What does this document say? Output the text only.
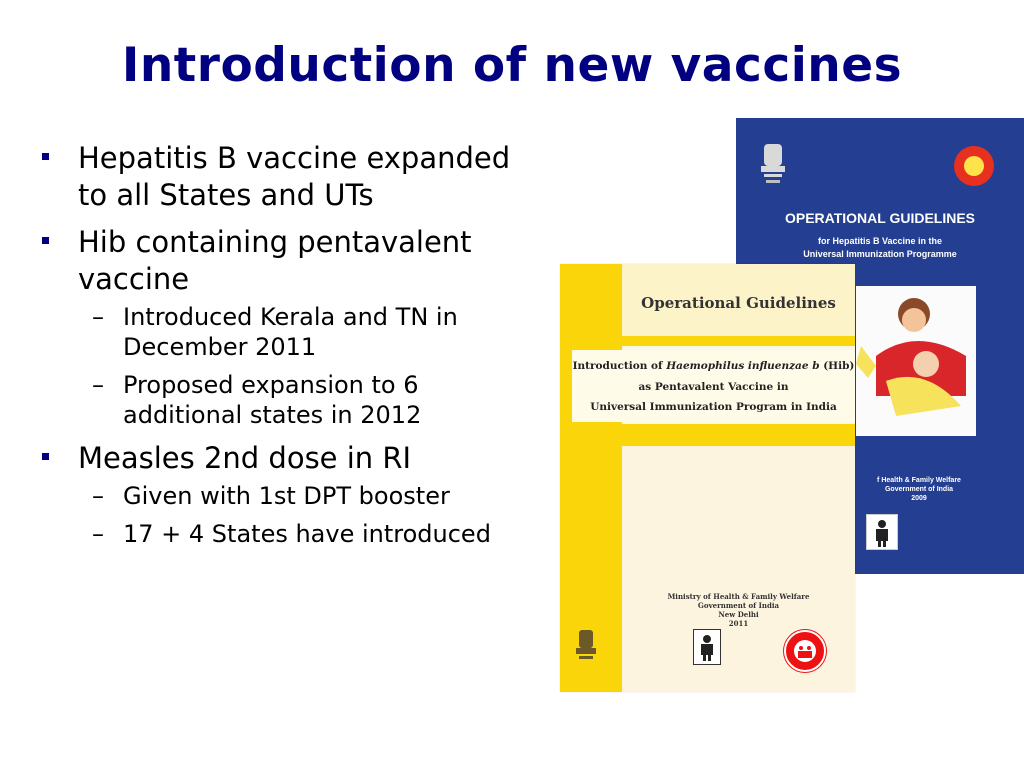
Introduction of new vaccines
Hepatitis B vaccine expanded to all States and UTs
Hib containing pentavalent vaccine
– Introduced Kerala and TN in December 2011
– Proposed expansion to 6 additional states in 2012
Measles 2nd dose in RI
– Given with 1st DPT booster
– 17 + 4 States have introduced
OPERATIONAL GUIDELINES
for Hepatitis B Vaccine in the
Universal Immunization Programme
f Health & Family Welfare
Government of India
2009
Operational Guidelines
Introduction of Haemophilus influenzae b (Hib)
as Pentavalent Vaccine in
Universal Immunization Program in India
Ministry of Health & Family Welfare
Government of India
New Delhi
2011
